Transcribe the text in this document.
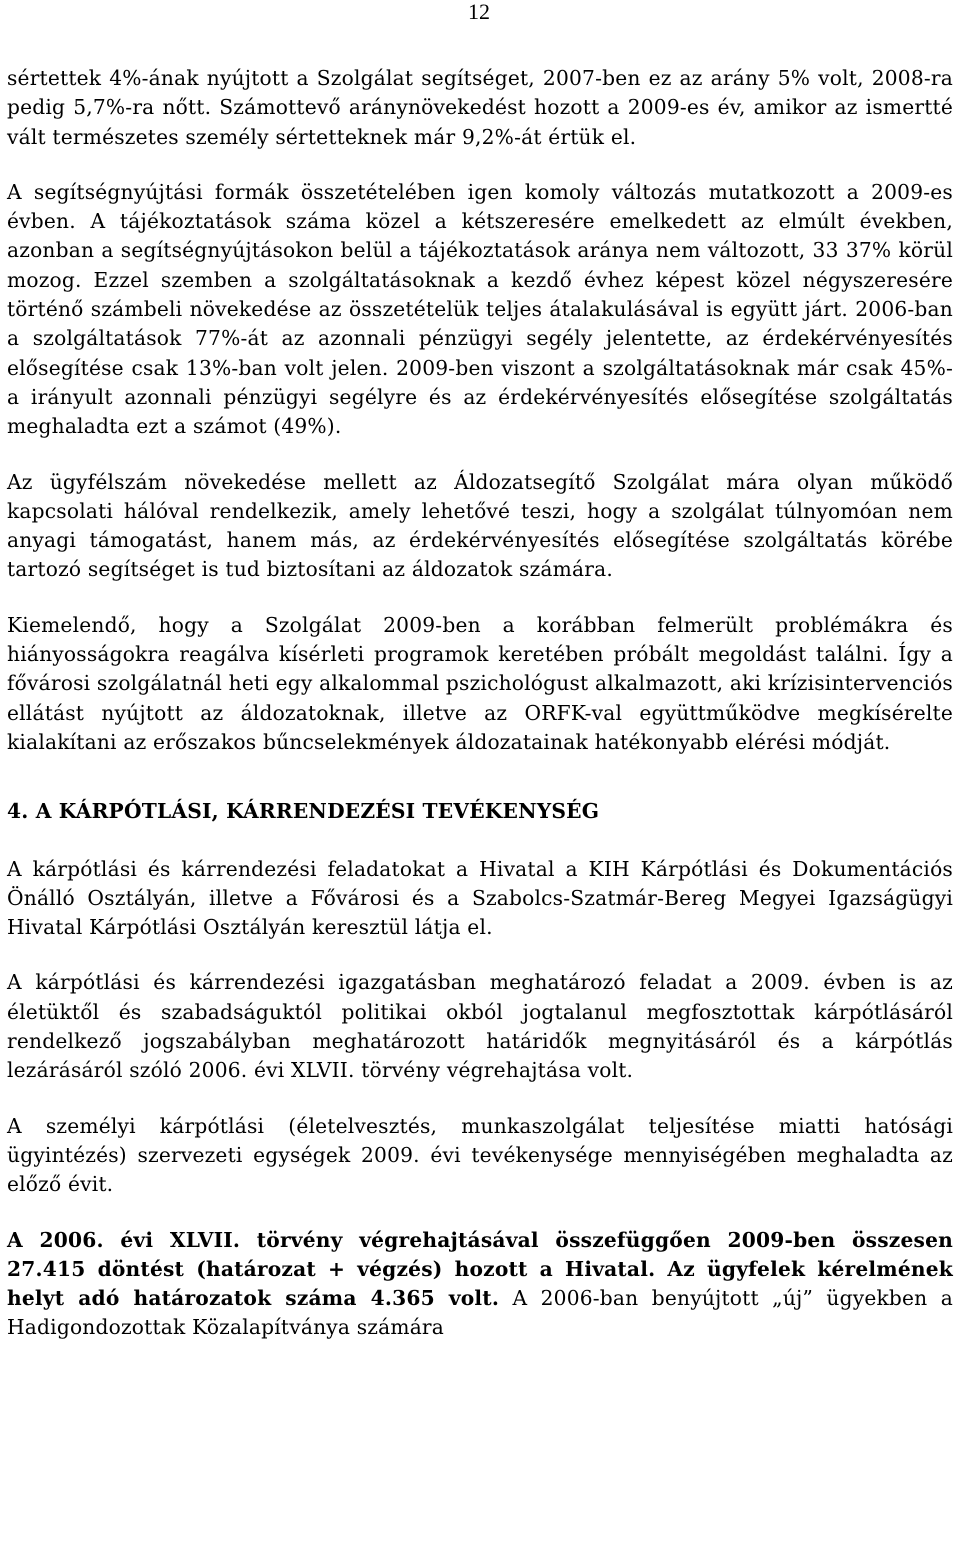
12

sértettek 4%-ának nyújtott a Szolgálat segítséget, 2007-ben ez az arány 5% volt, 2008-ra pedig 5,7%-ra nőtt. Számottevő aránynövekedést hozott a 2009-es év, amikor az ismertté vált természetes személy sértetteknek már 9,2%-át értük el.

A segítségnyújtási formák összetételében igen komoly változás mutatkozott a 2009-es évben. A tájékoztatások száma közel a kétszeresére emelkedett az elmúlt években, azonban a segítségnyújtásokon belül a tájékoztatások aránya nem változott, 33 37% körül mozog. Ezzel szemben a szolgáltatásoknak a kezdő évhez képest közel négyszeresére történő számbeli növekedése az összetételük teljes átalakulásával is együtt járt. 2006-ban a szolgáltatások 77%-át az azonnali pénzügyi segély jelentette, az érdekérvényesítés elősegítése csak 13%-ban volt jelen. 2009-ben viszont a szolgáltatásoknak már csak 45%-a irányult azonnali pénzügyi segélyre és az érdekérvényesítés elősegítése szolgáltatás meghaladta ezt a számot (49%).

Az ügyfélszám növekedése mellett az Áldozatsegítő Szolgálat mára olyan működő kapcsolati hálóval rendelkezik, amely lehetővé teszi, hogy a szolgálat túlnyomóan nem anyagi támogatást, hanem más, az érdekérvényesítés elősegítése szolgáltatás körébe tartozó segítséget is tud biztosítani az áldozatok számára.

Kiemelendő, hogy a Szolgálat 2009-ben a korábban felmerült problémákra és hiányosságokra reagálva kísérleti programok keretében próbált megoldást találni. Így a fővárosi szolgálatnál heti egy alkalommal pszichológust alkalmazott, aki krízisintervenciós ellátást nyújtott az áldozatoknak, illetve az ORFK-val együttműködve megkísérelte kialakítani az erőszakos bűncselekmények áldozatainak hatékonyabb elérési módját.

4. A KÁRPÓTLÁSI, KÁRRENDEZÉSI TEVÉKENYSÉG

A kárpótlási és kárrendezési feladatokat a Hivatal a KIH Kárpótlási és Dokumentációs Önálló Osztályán, illetve a Fővárosi és a Szabolcs-Szatmár-Bereg Megyei Igazságügyi Hivatal Kárpótlási Osztályán keresztül látja el.

A kárpótlási és kárrendezési igazgatásban meghatározó feladat a 2009. évben is az életüktől és szabadságuktól politikai okból jogtalanul megfosztottak kárpótlásáról rendelkező jogszabályban meghatározott határidők megnyitásáról és a kárpótlás lezárásáról szóló 2006. évi XLVII. törvény végrehajtása volt.

A személyi kárpótlási (életelvesztés, munkaszolgálat teljesítése miatti hatósági ügyintézés) szervezeti egységek 2009. évi tevékenysége mennyiségében meghaladta az előző évit.

A 2006. évi XLVII. törvény végrehajtásával összefüggően 2009-ben összesen 27.415 döntést (határozat + végzés) hozott a Hivatal. Az ügyfelek kérelmének helyt adó határozatok száma 4.365 volt. A 2006-ban benyújtott „új” ügyekben a Hadigondozottak Közalapítványa számára
